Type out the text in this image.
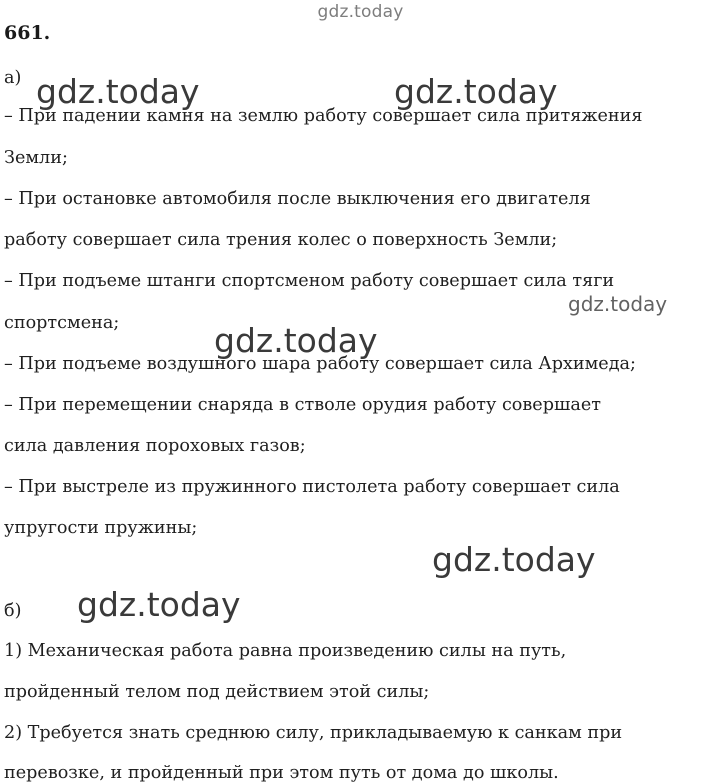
gdz.today
661.
а)
– При падении камня на землю работу совершает сила притяжения
Земли;
– При остановке автомобиля после выключения его двигателя
работу совершает сила трения колес о поверхность Земли;
– При подъеме штанги спортсменом работу совершает сила тяги
спортсмена;
– При подъеме воздушного шара работу совершает сила Архимеда;
– При перемещении снаряда в стволе орудия работу совершает
сила давления пороховых газов;
– При выстреле из пружинного пистолета работу совершает сила
упругости пружины;
б)
1) Механическая работа равна произведению силы на путь,
пройденный телом под действием этой силы;
2) Требуется знать среднюю силу, прикладываемую к санкам при
перевозке, и пройденный при этом путь от дома до школы.
gdz.today	gdz.today
gdz.today
gdz.today
gdz.today
gdz.today
